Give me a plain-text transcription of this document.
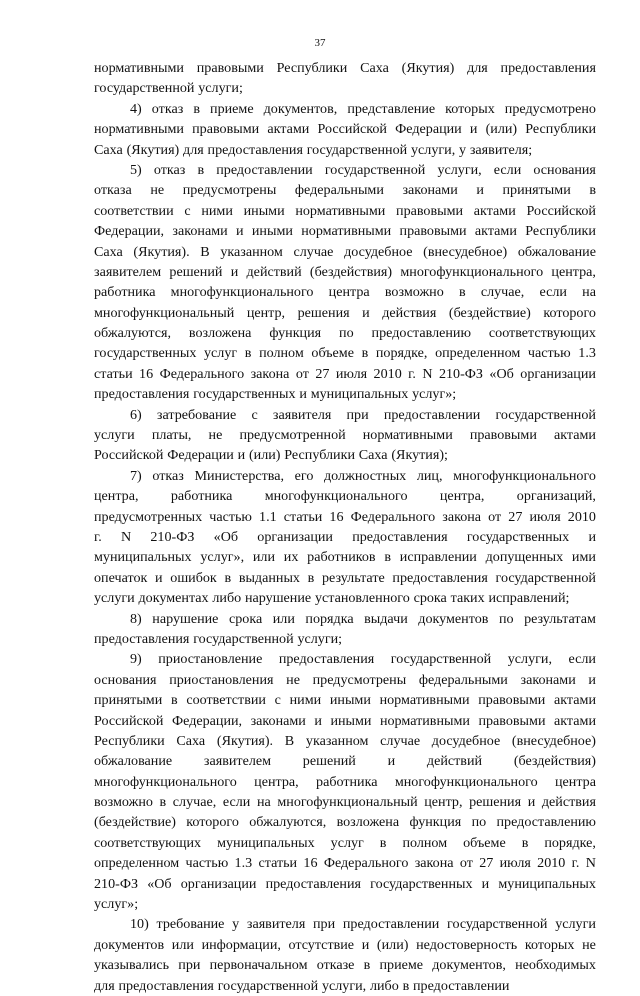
37
нормативными правовыми Республики Саха (Якутия) для предоставления
государственной услуги;
4) отказ в приеме документов, представление которых предусмотрено
нормативными правовыми актами Российской Федерации и (или) Республики
Саха (Якутия) для предоставления государственной услуги, у заявителя;
5) отказ в предоставлении государственной услуги, если основания
отказа не предусмотрены федеральными законами и принятыми в
соответствии с ними иными нормативными правовыми актами Российской
Федерации, законами и иными нормативными правовыми актами Республики
Саха (Якутия). В указанном случае досудебное (внесудебное) обжалование
заявителем решений и действий (бездействия) многофункционального центра,
работника многофункционального центра возможно в случае, если на
многофункциональный центр, решения и действия (бездействие) которого
обжалуются, возложена функция по предоставлению соответствующих
государственных услуг в полном объеме в порядке, определенном частью 1.3
статьи 16 Федерального закона от 27 июля 2010 г. N 210-ФЗ «Об организации
предоставления государственных и муниципальных услуг»;
6) затребование с заявителя при предоставлении государственной
услуги платы, не предусмотренной нормативными правовыми актами
Российской Федерации и (или) Республики Саха (Якутия);
7) отказ Министерства, его должностных лиц, многофункционального
центра, работника многофункционального центра, организаций,
предусмотренных частью 1.1 статьи 16 Федерального закона от 27 июля 2010
г. N 210-ФЗ «Об организации предоставления государственных и
муниципальных услуг», или их работников в исправлении допущенных ими
опечаток и ошибок в выданных в результате предоставления государственной
услуги документах либо нарушение установленного срока таких исправлений;
8) нарушение срока или порядка выдачи документов по результатам
предоставления государственной услуги;
9) приостановление предоставления государственной услуги, если
основания приостановления не предусмотрены федеральными законами и
принятыми в соответствии с ними иными нормативными правовыми актами
Российской Федерации, законами и иными нормативными правовыми актами
Республики Саха (Якутия). В указанном случае досудебное (внесудебное)
обжалование заявителем решений и действий (бездействия)
многофункционального центра, работника многофункционального центра
возможно в случае, если на многофункциональный центр, решения и действия
(бездействие) которого обжалуются, возложена функция по предоставлению
соответствующих муниципальных услуг в полном объеме в порядке,
определенном частью 1.3 статьи 16 Федерального закона от 27 июля 2010 г. N
210-ФЗ «Об организации предоставления государственных и муниципальных
услуг»;
10) требование у заявителя при предоставлении государственной услуги
документов или информации, отсутствие и (или) недостоверность которых не
указывались при первоначальном отказе в приеме документов, необходимых
для предоставления государственной услуги, либо в предоставлении
